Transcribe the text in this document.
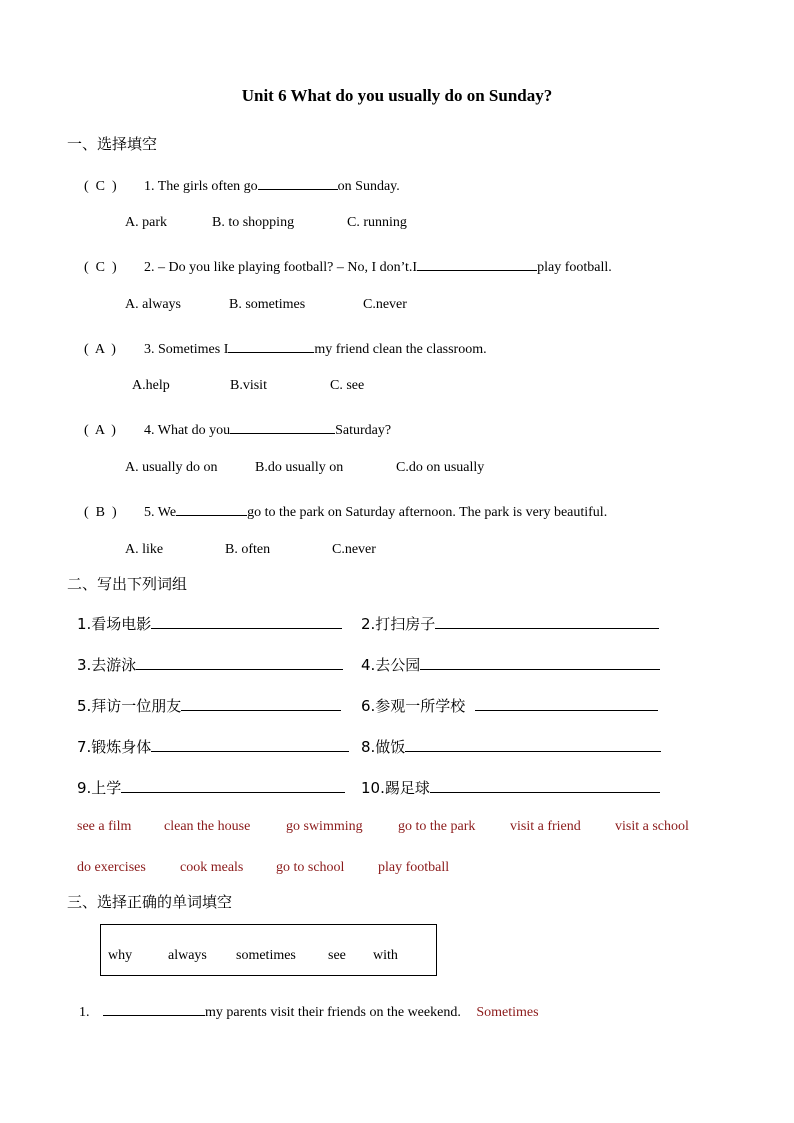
Unit 6 What do you usually do on Sunday?
一、选择填空
(  C  ) 1. The girls often go	on Sunday.
A. park	B. to shopping	C. running
(  C  ) 2. – Do you like playing football? – No, I don’t.I	play football.
A. always	B. sometimes	C.never
(  A  ) 3. Sometimes I	my friend clean the classroom.
A.help	B.visit	C. see
(  A  ) 4. What do you	Saturday?
A. usually do on	B.do usually on	C.do on usually
(  B  ) 5. We	go to the park on Saturday afternoon. The park is very beautiful.
A. like	B. often	C.never
二、写出下列词组
1.看场电影	2.打扫房子
3.去游泳	4.去公园
5.拜访一位朋友	6.参观一所学校
7.锻炼身体	8.做饭
9.上学	10.踢足球
see a film clean the house	go swimming	go to the park visit a friend visit a school
do exercises cook meals go to school play football
三、选择正确的单词填空
why	always sometimes see with
1.	my parents visit their friends on the weekend. Sometimes
